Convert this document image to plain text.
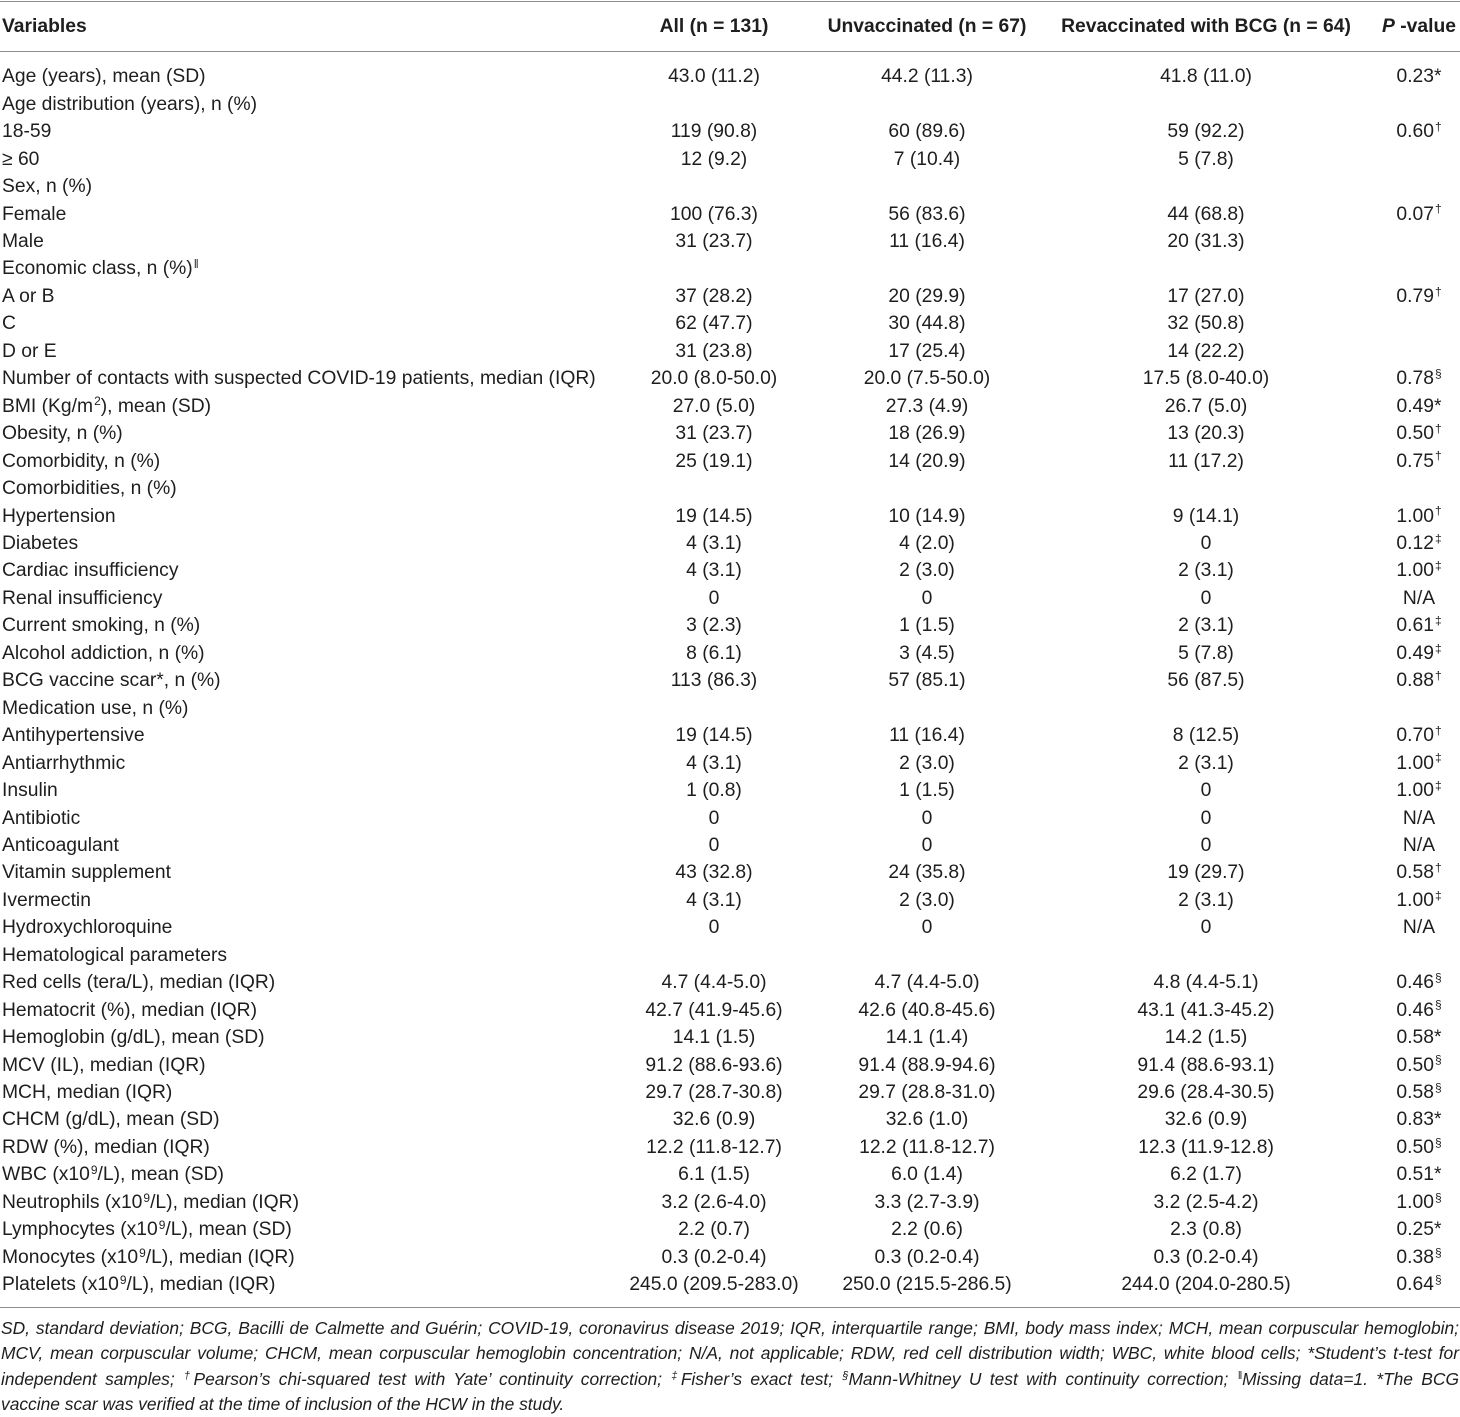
Variables	All (n = 131)	Unvaccinated (n = 67)	Revaccinated with BCG (n = 64)	P -value
Age (years), mean (SD)	43.0 (11.2)	44.2 (11.3)	41.8 (11.0)	0.23*
Age distribution (years), n (%)
18-59	119 (90.8)	60 (89.6)	59 (92.2)	0.60†
≥ 60	12 (9.2)	7 (10.4)	5 (7.8)
Sex, n (%)
Female	100 (76.3)	56 (83.6)	44 (68.8)	0.07†
Male	31 (23.7)	11 (16.4)	20 (31.3)
Economic class, n (%)‖
A or B	37 (28.2)	20 (29.9)	17 (27.0)	0.79†
C	62 (47.7)	30 (44.8)	32 (50.8)
D or E	31 (23.8)	17 (25.4)	14 (22.2)
Number of contacts with suspected COVID-19 patients, median (IQR)	20.0 (8.0-50.0)	20.0 (7.5-50.0)	17.5 (8.0-40.0)	0.78§
BMI $(Kg/m^2)$, mean (SD)	27.0 (5.0)	27.3 (4.9)	26.7 (5.0)	0.49*
Obesity, n (%)	31 (23.7)	18 (26.9)	13 (20.3)	0.50†
Comorbidity, n (%)	25 (19.1)	14 (20.9)	11 (17.2)	0.75†
Comorbidities, n (%)
Hypertension	19 (14.5)	10 (14.9)	9 (14.1)	1.00†
Diabetes	4 (3.1)	4 (2.0)	0	0.12‡
Cardiac insufficiency	4 (3.1)	2 (3.0)	2 (3.1)	1.00‡
Renal insufficiency	0	0	0	N/A
Current smoking, n (%)	3 (2.3)	1 (1.5)	2 (3.1)	0.61‡
Alcohol addiction, n (%)	8 (6.1)	3 (4.5)	5 (7.8)	0.49‡
BCG vaccine scar*, n (%)	113 (86.3)	57 (85.1)	56 (87.5)	0.88†
Medication use, n (%)
Antihypertensive	19 (14.5)	11 (16.4)	8 (12.5)	0.70†
Antiarrhythmic	4 (3.1)	2 (3.0)	2 (3.1)	1.00‡
Insulin	1 (0.8)	1 (1.5)	0	1.00‡
Antibiotic	0	0	0	N/A
Anticoagulant	0	0	0	N/A
Vitamin supplement	43 (32.8)	24 (35.8)	19 (29.7)	0.58†
Ivermectin	4 (3.1)	2 (3.0)	2 (3.1)	1.00‡
Hydroxychloroquine	0	0	0	N/A
Hematological parameters
Red cells (tera/L), median (IQR)	4.7 (4.4-5.0)	4.7 (4.4-5.0)	4.8 (4.4-5.1)	0.46§
Hematocrit (%), median (IQR)	42.7 (41.9-45.6)	42.6 (40.8-45.6)	43.1 (41.3-45.2)	0.46§
Hemoglobin (g/dL), mean (SD)	14.1 (1.5)	14.1 (1.4)	14.2 (1.5)	0.58*
MCV (IL), median (IQR)	91.2 (88.6-93.6)	91.4 (88.9-94.6)	91.4 (88.6-93.1)	0.50§
MCH, median (IQR)	29.7 (28.7-30.8)	29.7 (28.8-31.0)	29.6 (28.4-30.5)	0.58§
CHCM (g/dL), mean (SD)	32.6 (0.9)	32.6 (1.0)	32.6 (0.9)	0.83*
RDW (%), median (IQR)	12.2 (11.8-12.7)	12.2 (11.8-12.7)	12.3 (11.9-12.8)	0.50§
WBC $(x10^9/L)$, mean (SD)	6.1 (1.5)	6.0 (1.4)	6.2 (1.7)	0.51*
Neutrophils $(x10^9/L)$, median (IQR)	3.2 (2.6-4.0)	3.3 (2.7-3.9)	3.2 (2.5-4.2)	1.00§
Lymphocytes $(x10^9/L)$, mean (SD)	2.2 (0.7)	2.2 (0.6)	2.3 (0.8)	0.25*
Monocytes $(x10^9/L)$, median (IQR)	0.3 (0.2-0.4)	0.3 (0.2-0.4)	0.3 (0.2-0.4)	0.38§
Platelets $(x10^9/L)$, median (IQR)	245.0 (209.5-283.0)	250.0 (215.5-286.5)	244.0 (204.0-280.5)	0.64§
SD, standard deviation; BCG, Bacilli de Calmette and Guérin; COVID-19, coronavirus disease 2019; IQR, interquartile range; BMI, body mass index; MCH, mean corpuscular hemoglobin;
MCV, mean corpuscular volume; CHCM, mean corpuscular hemoglobin concentration; N/A, not applicable; RDW, red cell distribution width; WBC, white blood cells; *Student’s t-test for
independent samples; †Pearson’s chi-squared test with Yate’ continuity correction; ‡Fisher’s exact test; §Mann-Whitney U test with continuity correction; ‖Missing data=1. *The BCG
vaccine scar was verified at the time of inclusion of the HCW in the study.
